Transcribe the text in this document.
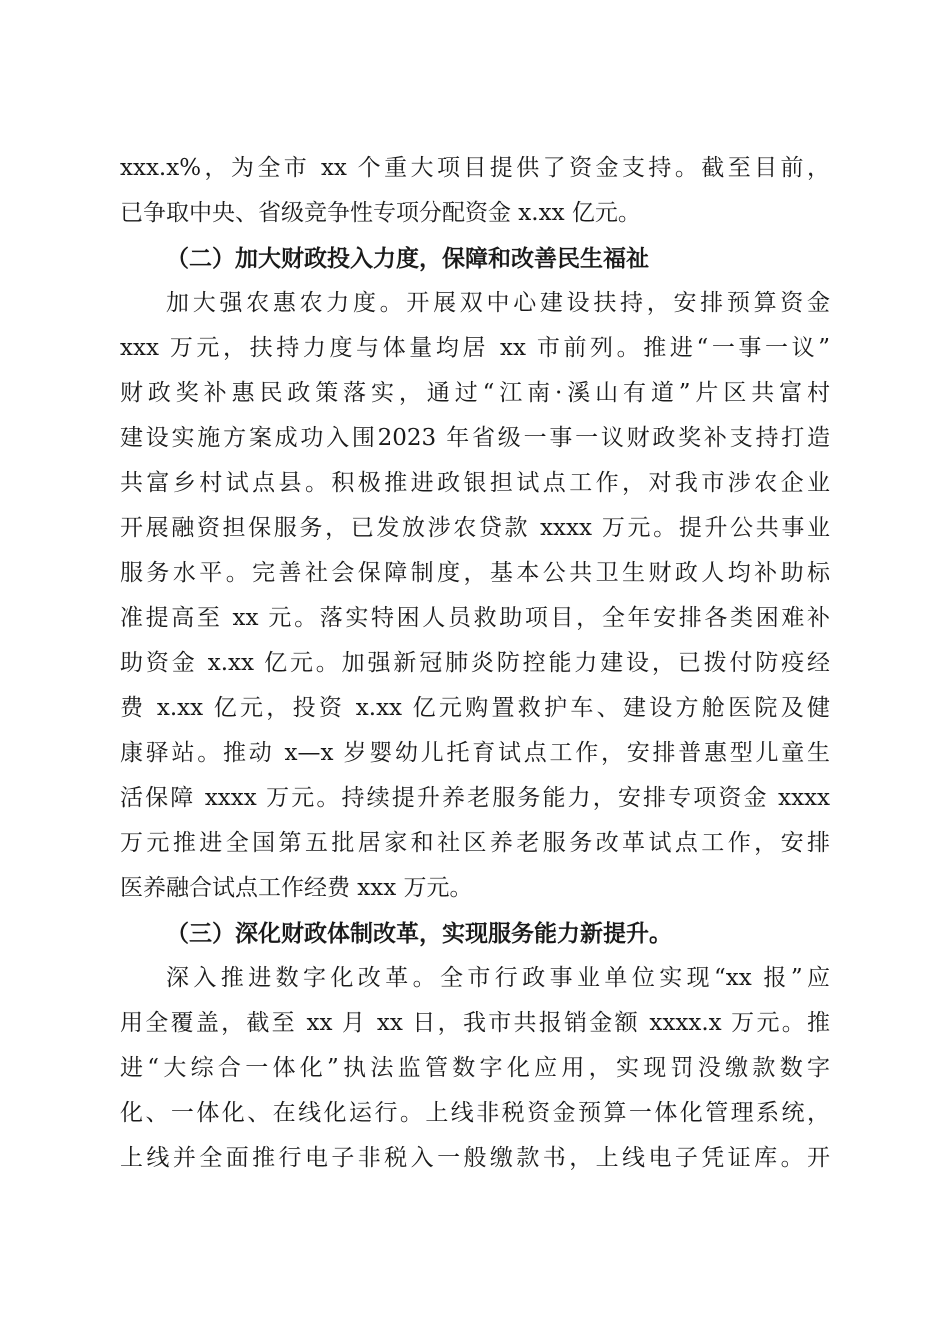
xxx.x%，为全市 xx 个重大项目提供了资金支持。截至目前，
已争取中央、省级竞争性专项分配资金 x.xx 亿元。
（二）加大财政投入力度，保障和改善民生福祉
加大强农惠农力度。开展双中心建设扶持，安排预算资金
xxx 万元，扶持力度与体量均居 xx 市前列。推进“一事一议”
财政奖补惠民政策落实，通过“江南·溪山有道”片区共富村
建设实施方案成功入围2023 年省级一事一议财政奖补支持打造
共富乡村试点县。积极推进政银担试点工作，对我市涉农企业
开展融资担保服务，已发放涉农贷款 xxxx 万元。提升公共事业
服务水平。完善社会保障制度，基本公共卫生财政人均补助标
准提高至 xx 元。落实特困人员救助项目，全年安排各类困难补
助资金 x.xx 亿元。加强新冠肺炎防控能力建设，已拨付防疫经
费 x.xx 亿元，投资 x.xx 亿元购置救护车、建设方舱医院及健
康驿站。推动 x—x 岁婴幼儿托育试点工作，安排普惠型儿童生
活保障 xxxx 万元。持续提升养老服务能力，安排专项资金 xxxx
万元推进全国第五批居家和社区养老服务改革试点工作，安排
医养融合试点工作经费 xxx 万元。
（三）深化财政体制改革，实现服务能力新提升。
深入推进数字化改革。全市行政事业单位实现“xx 报”应
用全覆盖，截至 xx 月 xx 日，我市共报销金额 xxxx.x 万元。推
进“大综合一体化”执法监管数字化应用，实现罚没缴款数字
化、一体化、在线化运行。上线非税资金预算一体化管理系统，
上线并全面推行电子非税入一般缴款书，上线电子凭证库。开
